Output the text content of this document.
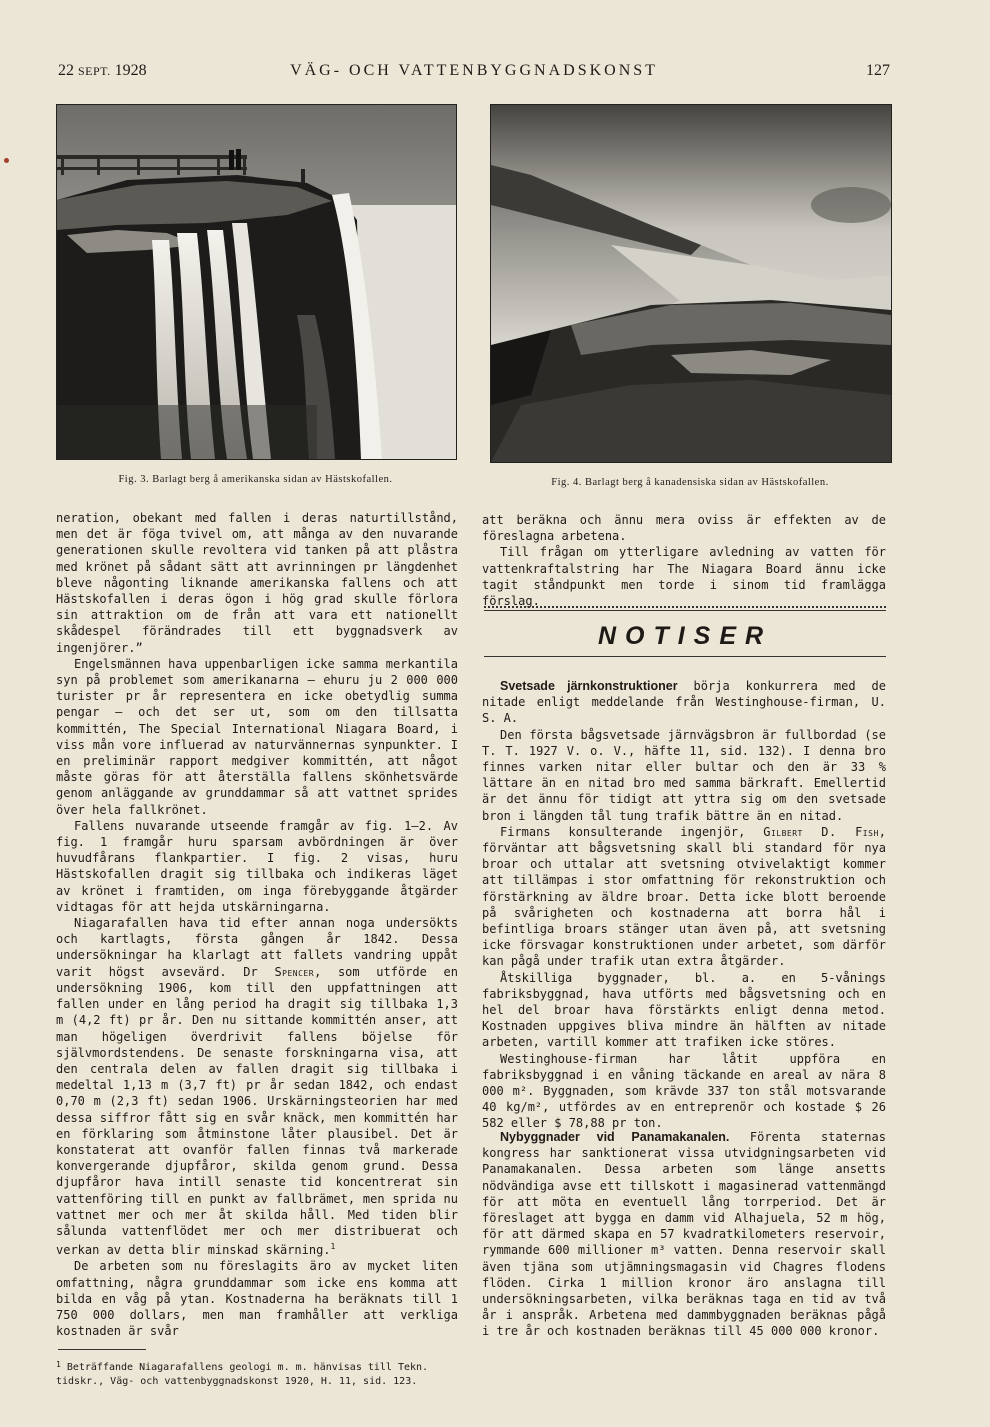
22 SEPT. 1928	VÄG- OCH VATTENBYGGNADSKONST	127
Fig. 3. Barlagt berg å amerikanska sidan av Hästskofallen.	Fig. 4. Barlagt berg å kanadensiska sidan av Hästskofallen.

neration, obekant med fallen i deras naturtillstånd, men det är föga tvivel om, att många av den nuvarande generationen skulle revoltera vid tanken på att plåstra med krönet på sådant sätt att avrinningen pr längdenhet bleve någonting liknande amerikanska fallens och att Hästskofallen i deras ögon i hög grad skulle förlora sin attraktion om de från att vara ett nationellt skådespel förändrades till ett byggnadsverk av ingenjörer.”

Engelsmännen hava uppenbarligen icke samma merkantila syn på problemet som amerikanarna — ehuru ju 2 000 000 turister pr år representera en icke obetydlig summa pengar — och det ser ut, som om den tillsatta kommittén, The Special International Niagara Board, i viss mån vore influerad av naturvännernas synpunkter. I en preliminär rapport medgiver kommittén, att något måste göras för att återställa fallens skönhetsvärde genom anläggande av grunddammar så att vattnet sprides över hela fallkrönet.

Fallens nuvarande utseende framgår av fig. 1—2. Av fig. 1 framgår huru sparsam avbördningen är över huvudfårans flankpartier. I fig. 2 visas, huru Hästskofallen dragit sig tillbaka och indikeras läget av krönet i framtiden, om inga förebyggande åtgärder vidtagas för att hejda utskärningarna.

Niagarafallen hava tid efter annan noga undersökts och kartlagts, första gången år 1842. Dessa undersökningar ha klarlagt att fallets vandring uppåt varit högst avsevärd. Dr Spencer, som utförde en undersökning 1906, kom till den uppfattningen att fallen under en lång period ha dragit sig tillbaka 1,3 m (4,2 ft) pr år. Den nu sittande kommittén anser, att man högeligen överdrivit fallens böjelse för självmordstendens. De senaste forskningarna visa, att den centrala delen av fallen dragit sig tillbaka i medeltal 1,13 m (3,7 ft) pr år sedan 1842, och endast 0,70 m (2,3 ft) sedan 1906. Urskärningsteorien har med dessa siffror fått sig en svår knäck, men kommittén har en förklaring som åtminstone låter plausibel. Det är konstaterat att ovanför fallen finnas två markerade konvergerande djupfåror, skilda genom grund. Dessa djupfåror hava intill senaste tid koncentrerat sin vattenföring till en punkt av fallbrämet, men sprida nu vattnet mer och mer åt skilda håll. Med tiden blir sålunda vattenflödet mer och mer distribuerat och verkan av detta blir minskad skärning.$^1$

De arbeten som nu föreslagits äro av mycket liten omfattning, några grunddammar som icke ens komma att bilda en våg på ytan. Kostnaderna ha beräknats till 1 750 000 dollars, men man framhåller att verkliga kostnaden är svår

$^1$ Beträffande Niagarafallens geologi m. m. hänvisas till Tekn. tidskr., Väg- och vattenbyggnadskonst 1920, H. 11, sid. 123.

att beräkna och ännu mera oviss är effekten av de föreslagna arbetena.

Till frågan om ytterligare avledning av vatten för vattenkraftalstring har The Niagara Board ännu icke tagit ståndpunkt men torde i sinom tid framlägga förslag.

NOTISER

Svetsade järnkonstruktioner börja konkurrera med de nitade enligt meddelande från Westinghouse-firman, U. S. A.

Den första bågsvetsade järnvägsbron är fullbordad (se T. T. 1927 V. o. V., häfte 11, sid. 132). I denna bro finnes varken nitar eller bultar och den är 33 % lättare än en nitad bro med samma bärkraft. Emellertid är det ännu för tidigt att yttra sig om den svetsade bron i längden tål tung trafik bättre än en nitad.

Firmans konsulterande ingenjör, Gilbert D. Fish, förväntar att bågsvetsning skall bli standard för nya broar och uttalar att svetsning otvivelaktigt kommer att tillämpas i stor omfattning för rekonstruktion och förstärkning av äldre broar. Detta icke blott beroende på svårigheten och kostnaderna att borra hål i befintliga broars stänger utan även på, att svetsning icke försvagar konstruktionen under arbetet, som därför kan pågå under trafik utan extra åtgärder.

Åtskilliga byggnader, bl. a. en 5-vånings fabriksbyggnad, hava utförts med bågsvetsning och en hel del broar hava förstärkts enligt denna metod. Kostnaden uppgives bliva mindre än hälften av nitade arbeten, vartill kommer att trafiken icke störes.

Westinghouse-firman har låtit uppföra en fabriksbyggnad i en våning täckande en areal av nära 8 000 m². Byggnaden, som krävde 337 ton stål motsvarande 40 kg/m², utfördes av en entreprenör och kostade $ 26 582 eller $ 78,88 pr ton.

Nybyggnader vid Panamakanalen. Förenta staternas kongress har sanktionerat vissa utvidgningsarbeten vid Panamakanalen. Dessa arbeten som länge ansetts nödvändiga avse ett tillskott i magasinerad vattenmängd för att möta en eventuell lång torrperiod. Det är föreslaget att bygga en damm vid Alhajuela, 52 m hög, för att därmed skapa en 57 kvadratkilometers reservoir, rymmande 600 millioner m³ vatten. Denna reservoir skall även tjäna som utjämningsmagasin vid Chagres flodens flöden. Cirka 1 million kronor äro anslagna till undersökningsarbeten, vilka beräknas taga en tid av två år i anspråk. Arbetena med dammbyggnaden beräknas pågå i tre år och kostnaden beräknas till 45 000 000 kronor.
